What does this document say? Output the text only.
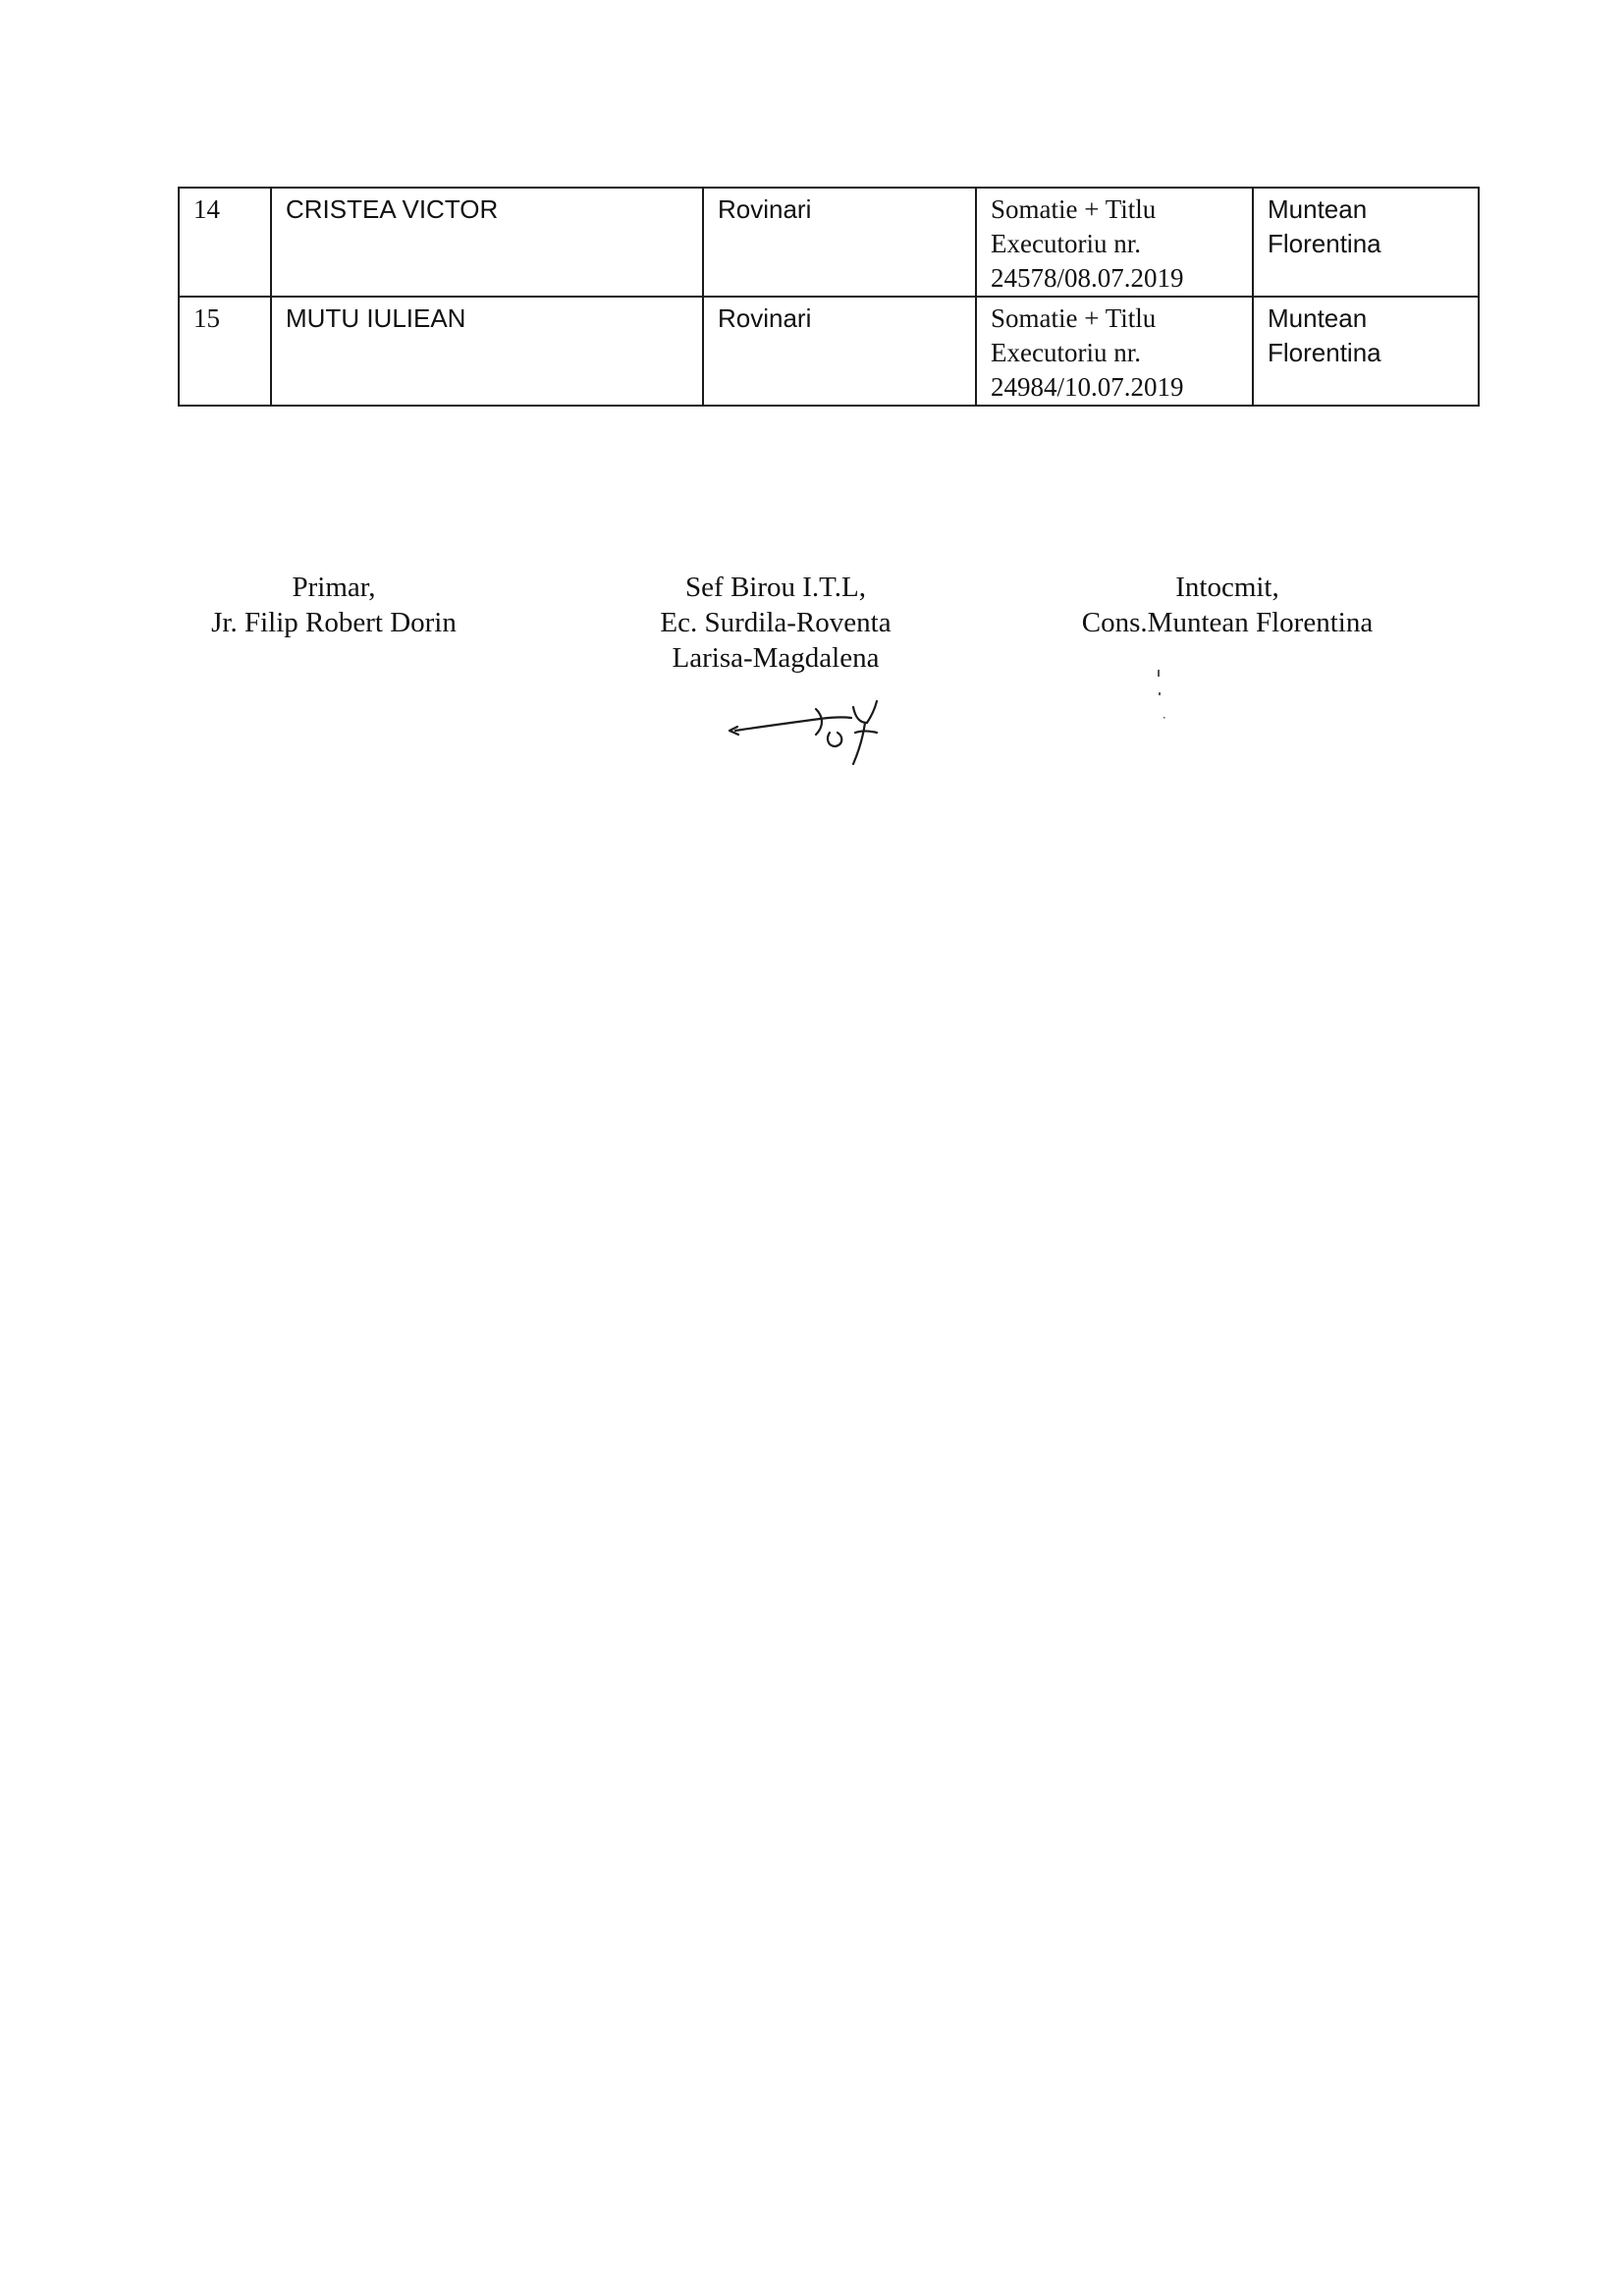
14	CRISTEA VICTOR	Rovinari	Somatie + Titlu
Executoriu nr.
24578/08.07.2019	Muntean
Florentina
15	MUTU IULIEAN	Rovinari	Somatie + Titlu
Executoriu nr.
24984/10.07.2019	Muntean
Florentina
Primar,
Jr. Filip Robert Dorin
Sef Birou I.T.L,
Ec. Surdila-Roventa
Larisa-Magdalena
Intocmit,
Cons.Muntean Florentina
